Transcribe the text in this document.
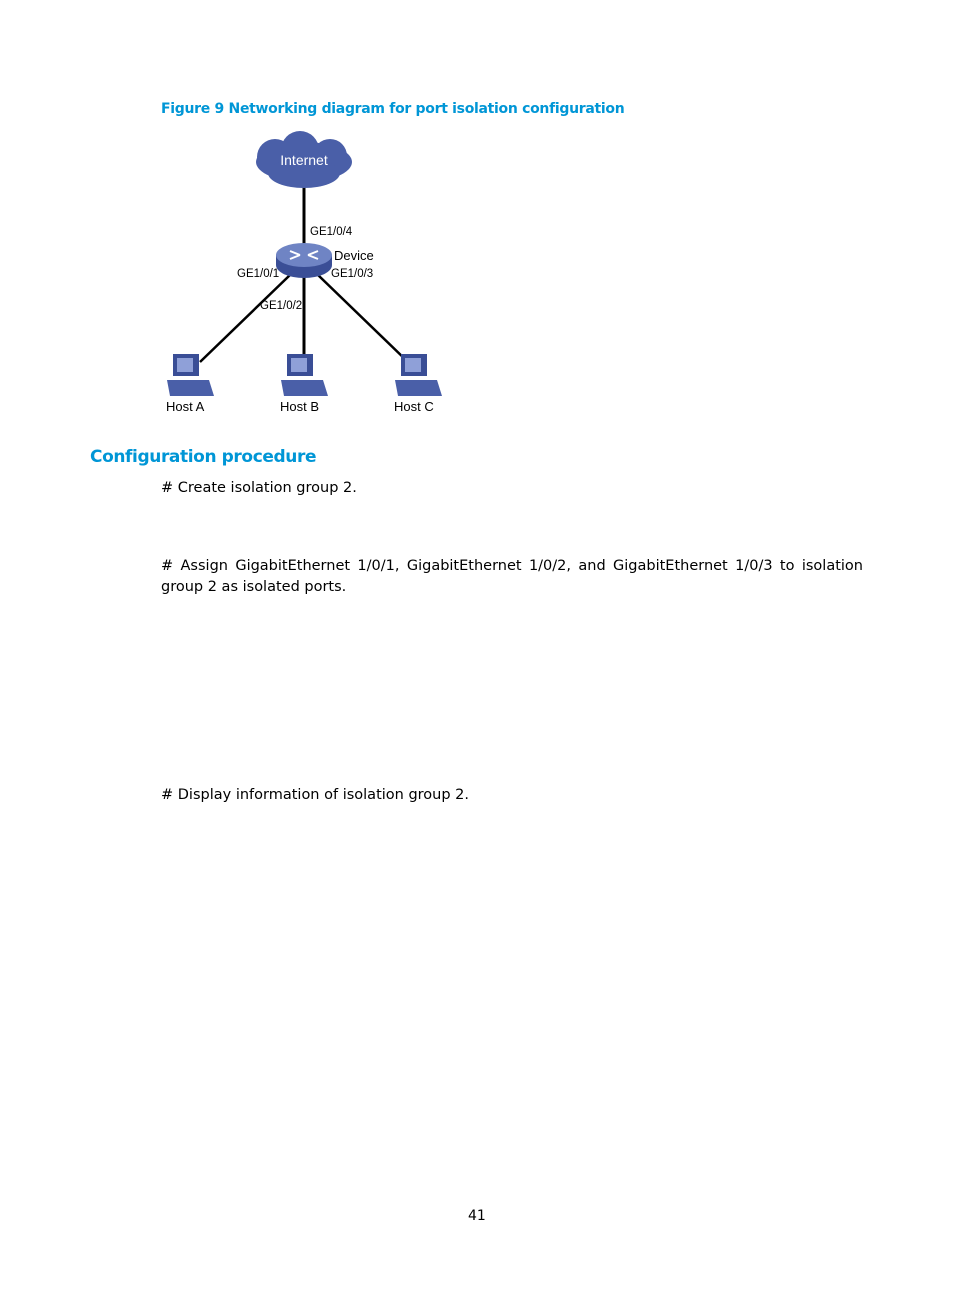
Figure 9 Networking diagram for port isolation configuration
Internet
GE1/0/4
Device
GE1/0/1	GE1/0/3
GE1/0/2
Host A	Host B	Host C
Configuration procedure
# Create isolation group 2.
# Assign GigabitEthernet 1/0/1, GigabitEthernet 1/0/2, and GigabitEthernet 1/0/3 to isolation group 2 as isolated ports.
# Display information of isolation group 2.
41
